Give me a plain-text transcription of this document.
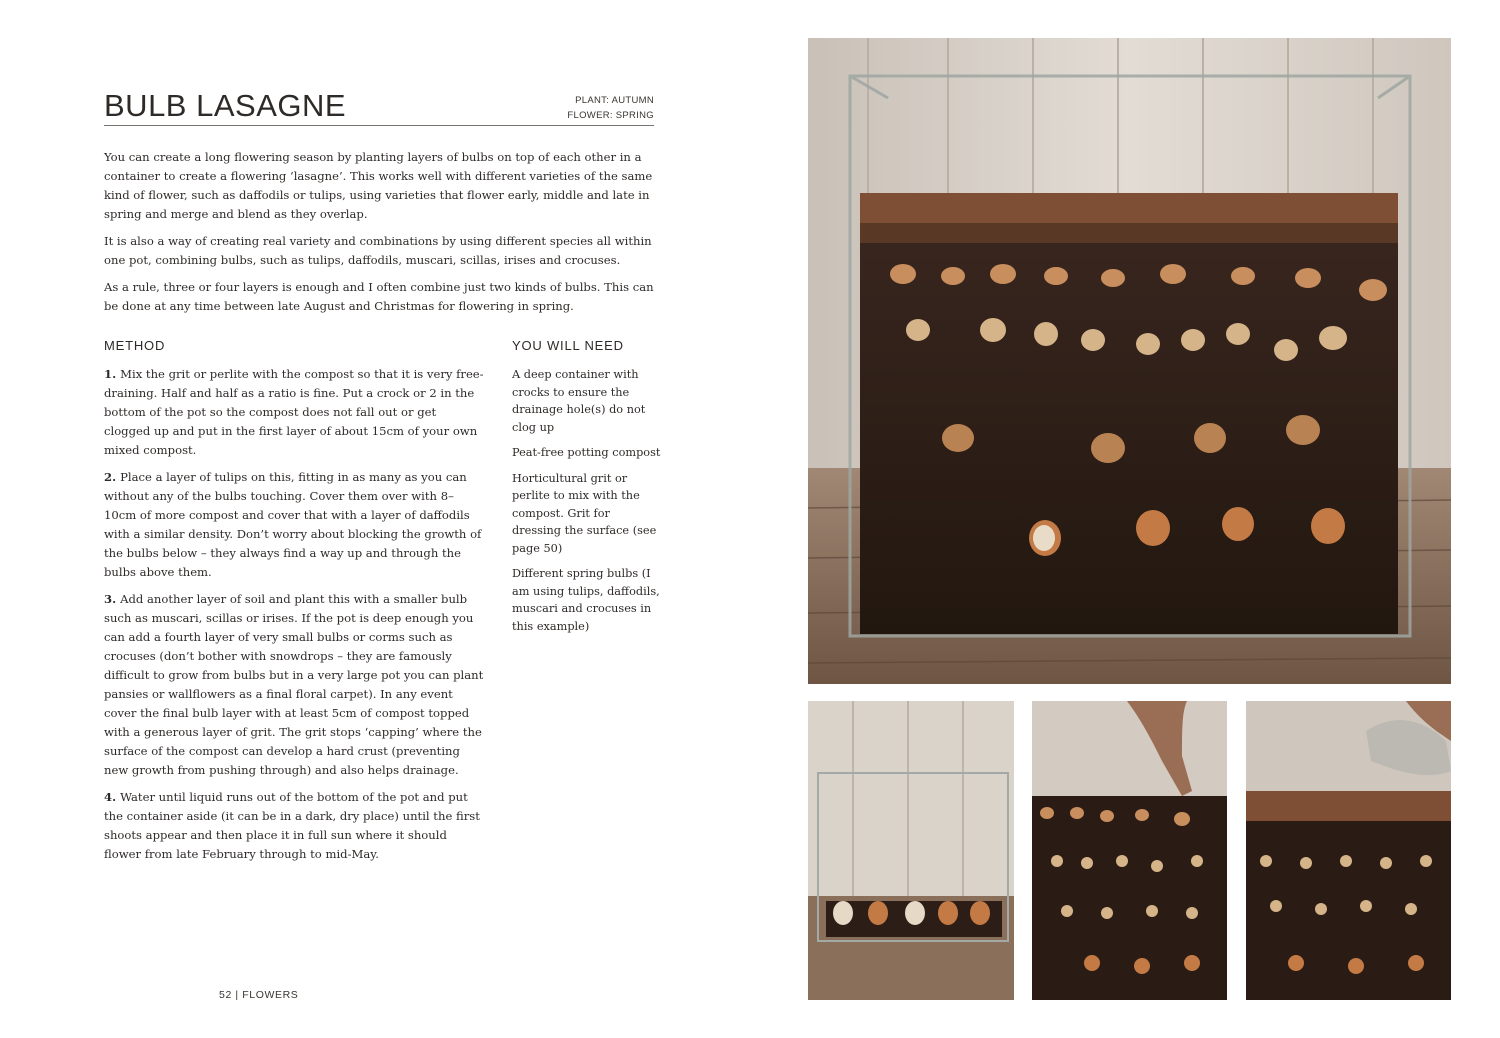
BULB LASAGNE	PLANT: AUTUMN
FLOWER: SPRING

You can create a long flowering season by planting layers of bulbs on top of each other in a container to create a flowering ‘lasagne’. This works well with different varieties of the same kind of flower, such as daffodils or tulips, using varieties that flower early, middle and late in spring and merge and blend as they overlap.

It is also a way of creating real variety and combinations by using different species all within one pot, combining bulbs, such as tulips, daffodils, muscari, scillas, irises and crocuses.

As a rule, three or four layers is enough and I often combine just two kinds of bulbs. This can be done at any time between late August and Christmas for flowering in spring.

METHOD	YOU WILL NEED

1. Mix the grit or perlite with the compost so that it is very free-draining. Half and half as a ratio is fine. Put a crock or 2 in the bottom of the pot so the compost does not fall out or get clogged up and put in the first layer of about 15cm of your own mixed compost.

2. Place a layer of tulips on this, fitting in as many as you can without any of the bulbs touching. Cover them over with 8–10cm of more compost and cover that with a layer of daffodils with a similar density. Don’t worry about blocking the growth of the bulbs below – they always find a way up and through the bulbs above them.

3. Add another layer of soil and plant this with a smaller bulb such as muscari, scillas or irises. If the pot is deep enough you can add a fourth layer of very small bulbs or corms such as crocuses (don’t bother with snowdrops – they are famously difficult to grow from bulbs but in a very large pot you can plant pansies or wallflowers as a final floral carpet). In any event cover the final bulb layer with at least 5cm of compost topped with a generous layer of grit. The grit stops ‘capping’ where the surface of the compost can develop a hard crust (preventing new growth from pushing through) and also helps drainage.

4. Water until liquid runs out of the bottom of the pot and put the container aside (it can be in a dark, dry place) until the first shoots appear and then place it in full sun where it should flower from late February through to mid-May.

A deep container with crocks to ensure the drainage hole(s) do not clog up

Peat-free potting compost

Horticultural grit or perlite to mix with the compost. Grit for dressing the surface (see page 50)

Different spring bulbs (I am using tulips, daffodils, muscari and crocuses in this example)

52 | FLOWERS
